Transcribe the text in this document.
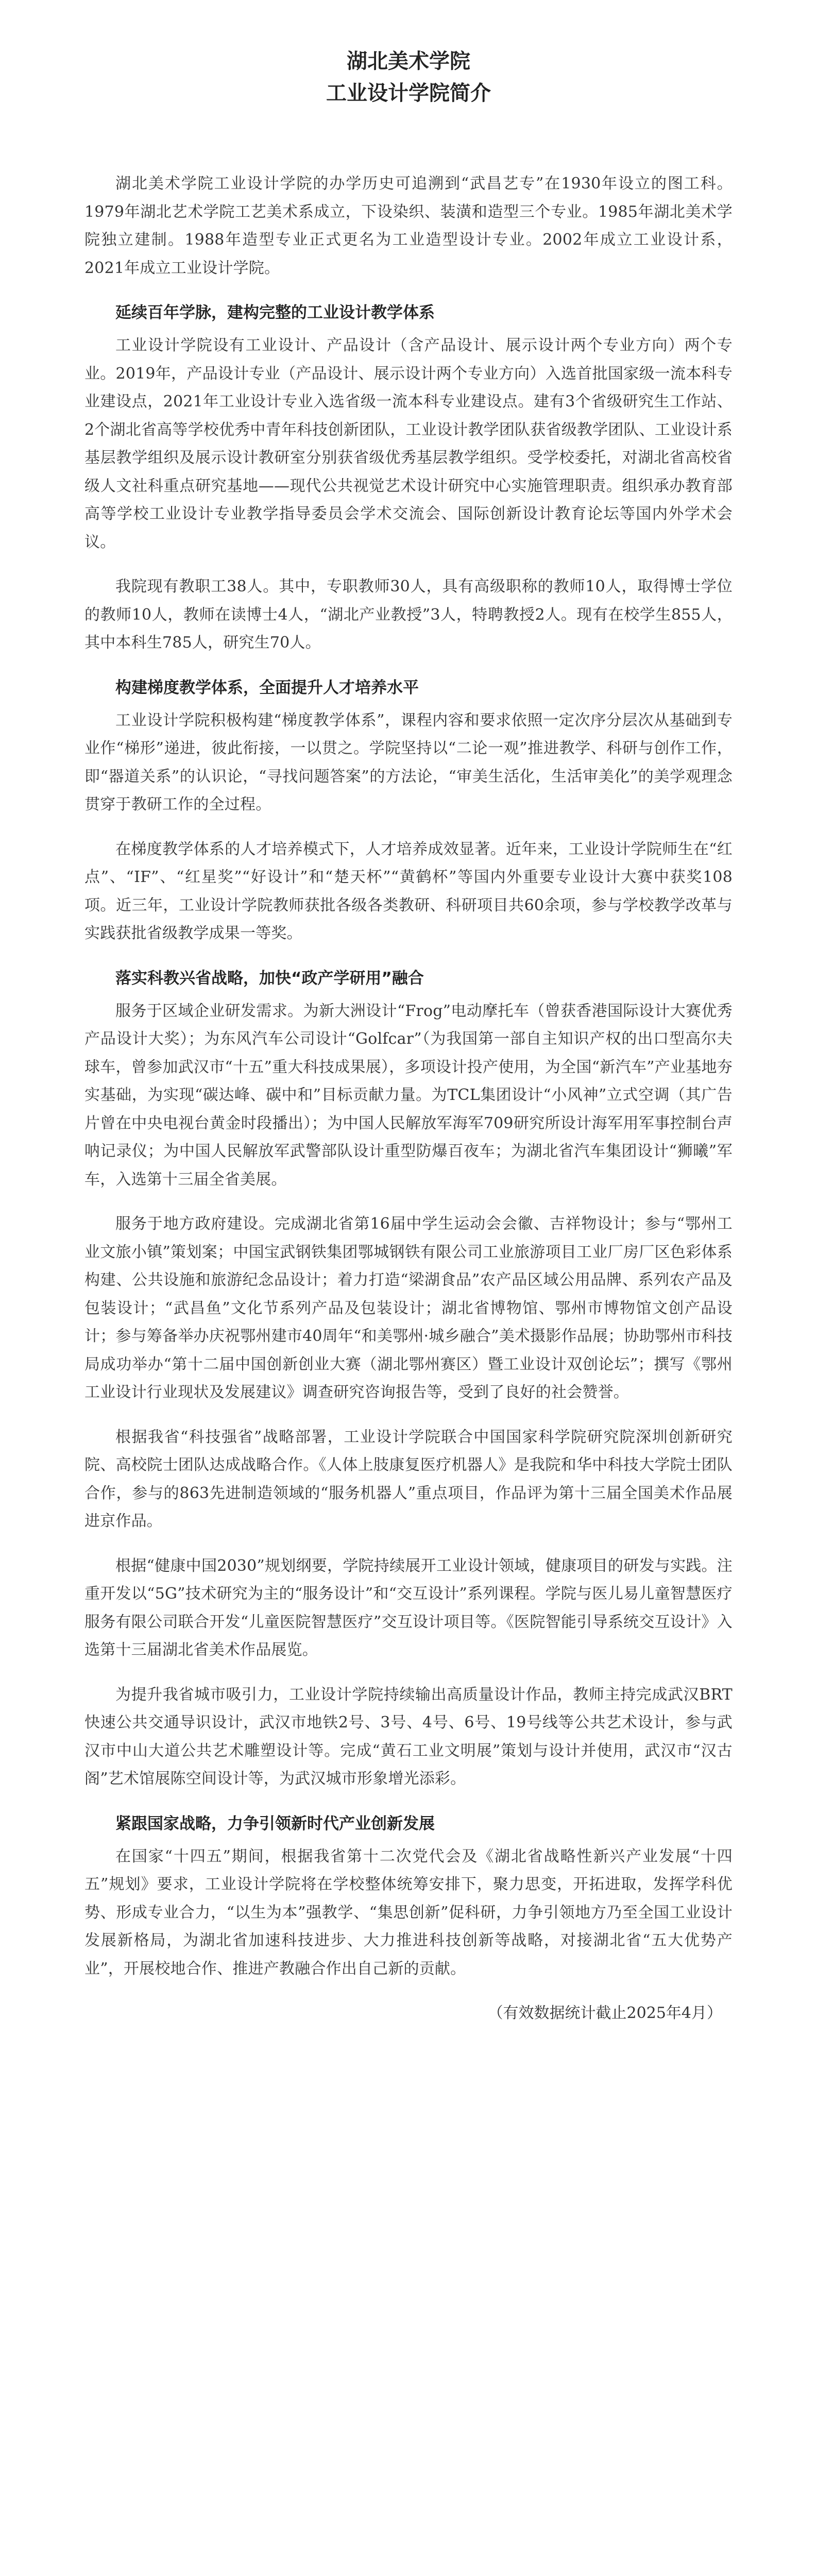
湖北美术学院
工业设计学院简介

湖北美术学院工业设计学院的办学历史可追溯到“武昌艺专”在1930年设立的图工科。1979年湖北艺术学院工艺美术系成立，下设染织、装潢和造型三个专业。1985年湖北美术学院独立建制。1988年造型专业正式更名为工业造型设计专业。2002年成立工业设计系，2021年成立工业设计学院。

延续百年学脉，建构完整的工业设计教学体系

工业设计学院设有工业设计、产品设计（含产品设计、展示设计两个专业方向）两个专业。2019年，产品设计专业（产品设计、展示设计两个专业方向）入选首批国家级一流本科专业建设点，2021年工业设计专业入选省级一流本科专业建设点。建有3个省级研究生工作站、2个湖北省高等学校优秀中青年科技创新团队，工业设计教学团队获省级教学团队、工业设计系基层教学组织及展示设计教研室分别获省级优秀基层教学组织。受学校委托，对湖北省高校省级人文社科重点研究基地——现代公共视觉艺术设计研究中心实施管理职责。组织承办教育部高等学校工业设计专业教学指导委员会学术交流会、国际创新设计教育论坛等国内外学术会议。

我院现有教职工38人。其中，专职教师30人，具有高级职称的教师10人，取得博士学位的教师10人，教师在读博士4人，“湖北产业教授”3人，特聘教授2人。现有在校学生855人，其中本科生785人，研究生70人。

构建梯度教学体系，全面提升人才培养水平

工业设计学院积极构建“梯度教学体系”，课程内容和要求依照一定次序分层次从基础到专业作“梯形”递进，彼此衔接，一以贯之。学院坚持以“二论一观”推进教学、科研与创作工作，即“器道关系”的认识论，“寻找问题答案”的方法论，“审美生活化，生活审美化”的美学观理念贯穿于教研工作的全过程。

在梯度教学体系的人才培养模式下，人才培养成效显著。近年来，工业设计学院师生在“红点”、“IF”、“红星奖”“好设计”和“楚天杯”“黄鹤杯”等国内外重要专业设计大赛中获奖108项。近三年，工业设计学院教师获批各级各类教研、科研项目共60余项，参与学校教学改革与实践获批省级教学成果一等奖。

落实科教兴省战略，加快“政产学研用”融合

服务于区域企业研发需求。为新大洲设计“Frog”电动摩托车（曾获香港国际设计大赛优秀产品设计大奖）；为东风汽车公司设计“Golfcar”（为我国第一部自主知识产权的出口型高尔夫球车，曾参加武汉市“十五”重大科技成果展），多项设计投产使用，为全国“新汽车”产业基地夯实基础，为实现“碳达峰、碳中和”目标贡献力量。为TCL集团设计“小风神”立式空调（其广告片曾在中央电视台黄金时段播出）；为中国人民解放军海军709研究所设计海军用军事控制台声呐记录仪；为中国人民解放军武警部队设计重型防爆百夜车；为湖北省汽车集团设计“狮曦”军车，入选第十三届全省美展。

服务于地方政府建设。完成湖北省第16届中学生运动会会徽、吉祥物设计；参与“鄂州工业文旅小镇”策划案；中国宝武钢铁集团鄂城钢铁有限公司工业旅游项目工业厂房厂区色彩体系构建、公共设施和旅游纪念品设计；着力打造“梁湖食品”农产品区域公用品牌、系列农产品及包装设计；“武昌鱼”文化节系列产品及包装设计；湖北省博物馆、鄂州市博物馆文创产品设计；参与筹备举办庆祝鄂州建市40周年“和美鄂州·城乡融合”美术摄影作品展；协助鄂州市科技局成功举办“第十二届中国创新创业大赛（湖北鄂州赛区）暨工业设计双创论坛”；撰写《鄂州工业设计行业现状及发展建议》调查研究咨询报告等，受到了良好的社会赞誉。

根据我省“科技强省”战略部署，工业设计学院联合中国国家科学院研究院深圳创新研究院、高校院士团队达成战略合作。《人体上肢康复医疗机器人》是我院和华中科技大学院士团队合作，参与的863先进制造领域的“服务机器人”重点项目，作品评为第十三届全国美术作品展进京作品。

根据“健康中国2030”规划纲要，学院持续展开工业设计领域，健康项目的研发与实践。注重开发以“5G”技术研究为主的“服务设计”和“交互设计”系列课程。学院与医儿易儿童智慧医疗服务有限公司联合开发“儿童医院智慧医疗”交互设计项目等。《医院智能引导系统交互设计》入选第十三届湖北省美术作品展览。

为提升我省城市吸引力，工业设计学院持续输出高质量设计作品，教师主持完成武汉BRT快速公共交通导识设计，武汉市地铁2号、3号、4号、6号、19号线等公共艺术设计，参与武汉市中山大道公共艺术雕塑设计等。完成“黄石工业文明展”策划与设计并使用，武汉市“汉古阁”艺术馆展陈空间设计等，为武汉城市形象增光添彩。

紧跟国家战略，力争引领新时代产业创新发展

在国家“十四五”期间，根据我省第十二次党代会及《湖北省战略性新兴产业发展“十四五”规划》要求，工业设计学院将在学校整体统筹安排下，聚力思变，开拓进取，发挥学科优势、形成专业合力，“以生为本”强教学、“集思创新”促科研，力争引领地方乃至全国工业设计发展新格局，为湖北省加速科技进步、大力推进科技创新等战略，对接湖北省“五大优势产业”，开展校地合作、推进产教融合作出自己新的贡献。

（有效数据统计截止2025年4月）
